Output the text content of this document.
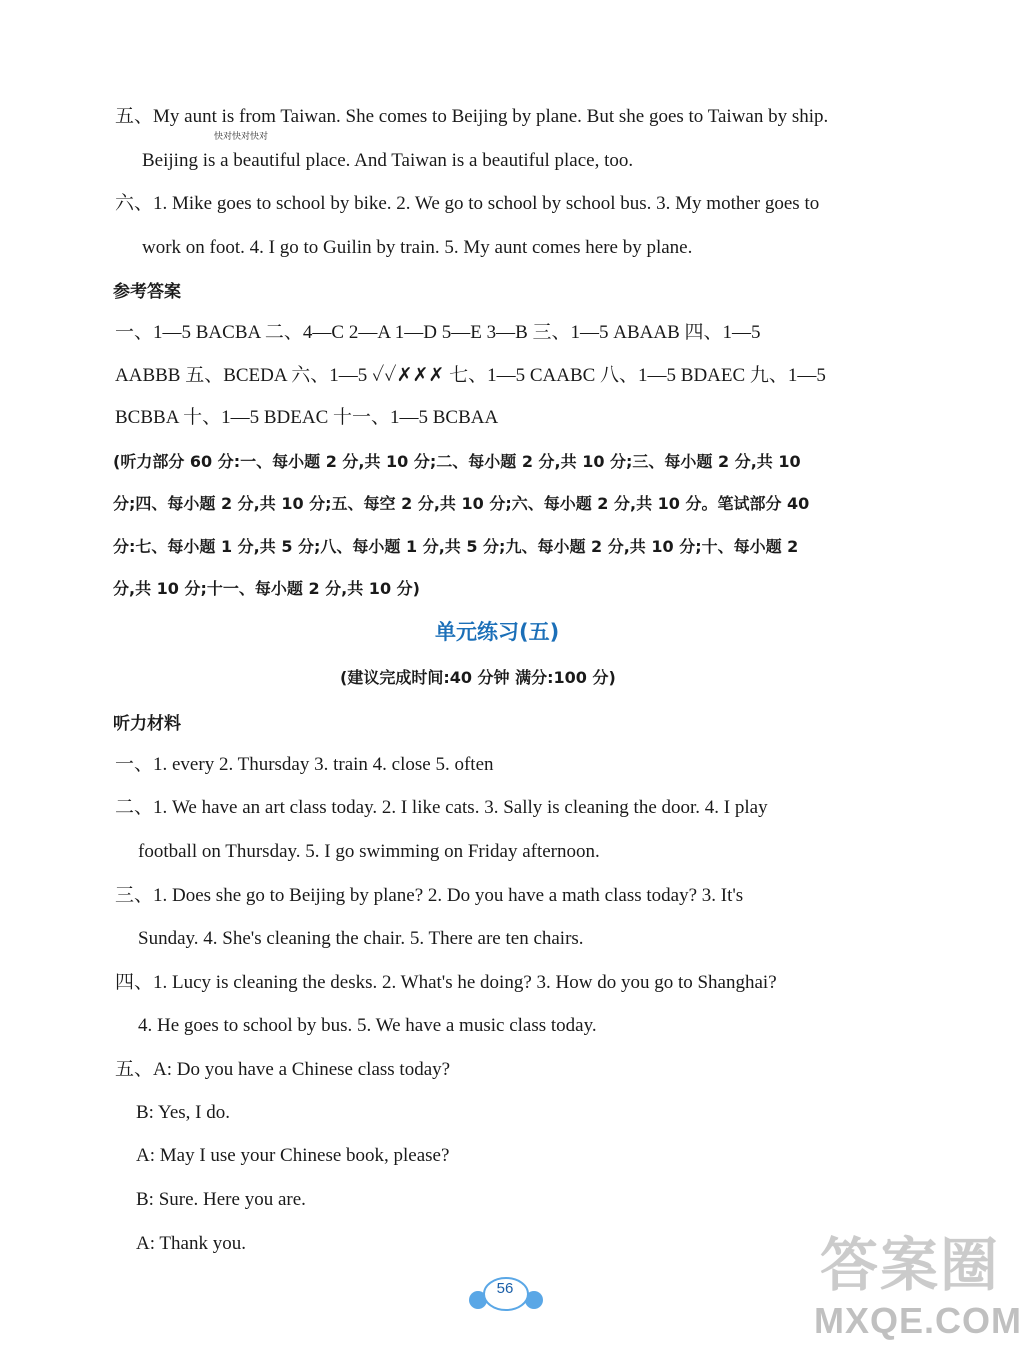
五、My aunt is from Taiwan. She comes to Beijing by plane. But she goes to Taiwan by ship.
快对快对快对
Beijing is a beautiful place. And Taiwan is a beautiful place, too.
六、1. Mike goes to school by bike. 2. We go to school by school bus. 3. My mother goes to
work on foot. 4. I go to Guilin by train. 5. My aunt comes here by plane.
参考答案
一、1—5 BACBA 二、4—C 2—A 1—D 5—E 3—B 三、1—5 ABAAB 四、1—5
AABBB 五、BCEDA 六、1—5 ✓✓✗✗✗ 七、1—5 CAABC 八、1—5 BDAEC 九、1—5
BCBBA 十、1—5 BDEAC 十一、1—5 BCBAA
(听力部分 60 分:一、每小题 2 分,共 10 分;二、每小题 2 分,共 10 分;三、每小题 2 分,共 10
分;四、每小题 2 分,共 10 分;五、每空 2 分,共 10 分;六、每小题 2 分,共 10 分。笔试部分 40
分:七、每小题 1 分,共 5 分;八、每小题 1 分,共 5 分;九、每小题 2 分,共 10 分;十、每小题 2
分,共 10 分;十一、每小题 2 分,共 10 分)
单元练习(五)
(建议完成时间:40 分钟 满分:100 分)
听力材料
一、1. every 2. Thursday 3. train 4. close 5. often
二、1. We have an art class today. 2. I like cats. 3. Sally is cleaning the door. 4. I play
football on Thursday. 5. I go swimming on Friday afternoon.
三、1. Does she go to Beijing by plane? 2. Do you have a math class today? 3. It's
Sunday. 4. She's cleaning the chair. 5. There are ten chairs.
四、1. Lucy is cleaning the desks. 2. What's he doing? 3. How do you go to Shanghai?
4. He goes to school by bus. 5. We have a music class today.
五、A: Do you have a Chinese class today?
B: Yes, I do.
A: May I use your Chinese book, please?
B: Sure. Here you are.
A: Thank you.
56	答案圈
MXQE.COM
